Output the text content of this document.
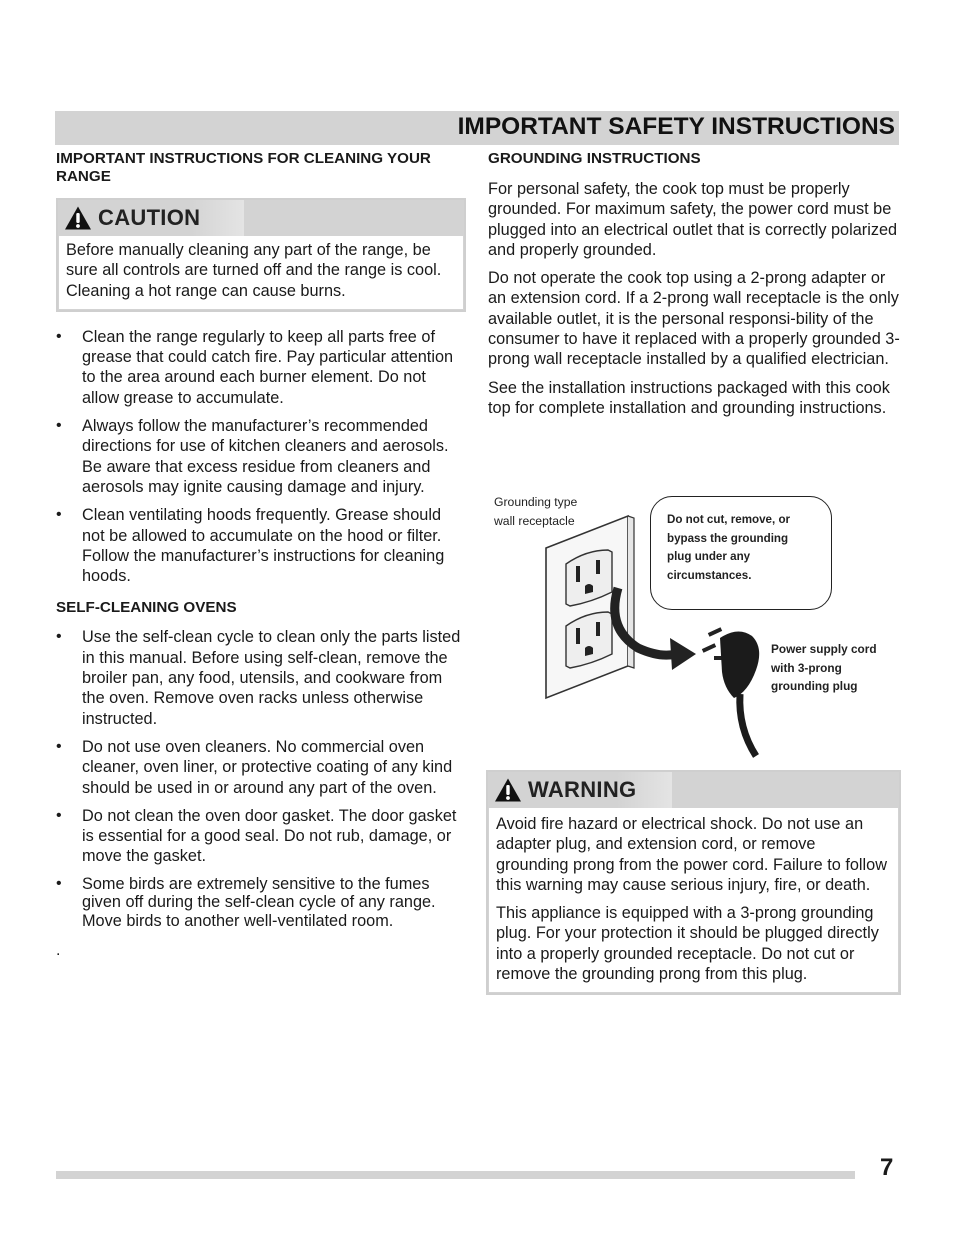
IMPORTANT SAFETY INSTRUCTIONS
IMPORTANT INSTRUCTIONS FOR CLEANING YOUR RANGE
CAUTION

Before manually cleaning any part of the range, be sure all controls are turned off and the range is cool. Cleaning a hot range can cause burns.

• Clean the range regularly to keep all parts free of grease that could catch fire. Pay particular attention to the area around each burner element. Do not allow grease to accumulate.
• Always follow the manufacturer’s recommended directions for use of kitchen cleaners and aerosols. Be aware that excess residue from cleaners and aerosols may ignite causing damage and injury.
• Clean ventilating hoods frequently. Grease should not be allowed to accumulate on the hood or filter. Follow the manufacturer’s instructions for cleaning hoods.
SELF-CLEANING OVENS
• Use the self-clean cycle to clean only the parts listed in this manual. Before using self-clean, remove the broiler pan, any food, utensils, and cookware from the oven. Remove oven racks unless otherwise instructed.
• Do not use oven cleaners. No commercial oven cleaner, oven liner, or protective coating of any kind should be used in or around any part of the oven.
• Do not clean the oven door gasket. The door gasket is essential for a good seal. Do not rub, damage, or move the gasket.
• Some birds are extremely sensitive to the fumes given off during the self-clean cycle of any range. Move birds to another well-ventilated room.
.
GROUNDING INSTRUCTIONS

For personal safety, the cook top must be properly grounded. For maximum safety, the power cord must be plugged into an electrical outlet that is correctly polarized and properly grounded.

Do not operate the cook top using a 2-prong adapter or an extension cord. If a 2-prong wall receptacle is the only available outlet, it is the personal responsi-bility of the consumer to have it replaced with a properly grounded 3-prong wall receptacle installed by a qualified electrician.

See the installation instructions packaged with this cook top for complete installation and grounding instructions.

Grounding type
wall receptacle	Do not cut, remove, or
bypass the grounding
plug under any
circumstances.
Power supply cord
with 3-prong
grounding plug
WARNING

Avoid fire hazard or electrical shock. Do not use an adapter plug, and extension cord, or remove grounding prong from the power cord. Failure to follow this warning may cause serious injury, fire, or death.

This appliance is equipped with a 3-prong grounding plug. For your protection it should be plugged directly into a properly grounded receptacle. Do not cut or remove the grounding prong from this plug.

7
